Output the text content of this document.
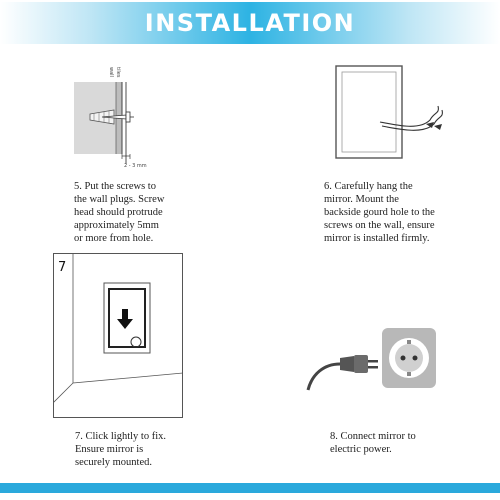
INSTALLATION
wall tiles
2 - 3 mm
5. Put the screws to
the wall plugs. Screw
head should protrude
approximately 5mm
or more from hole.
6. Carefully hang the
mirror. Mount the
backside gourd hole to the
screws on the wall, ensure
mirror is installed firmly.
7
7. Click lightly to fix.
Ensure mirror is
securely mounted.
8. Connect mirror to
electric power.
